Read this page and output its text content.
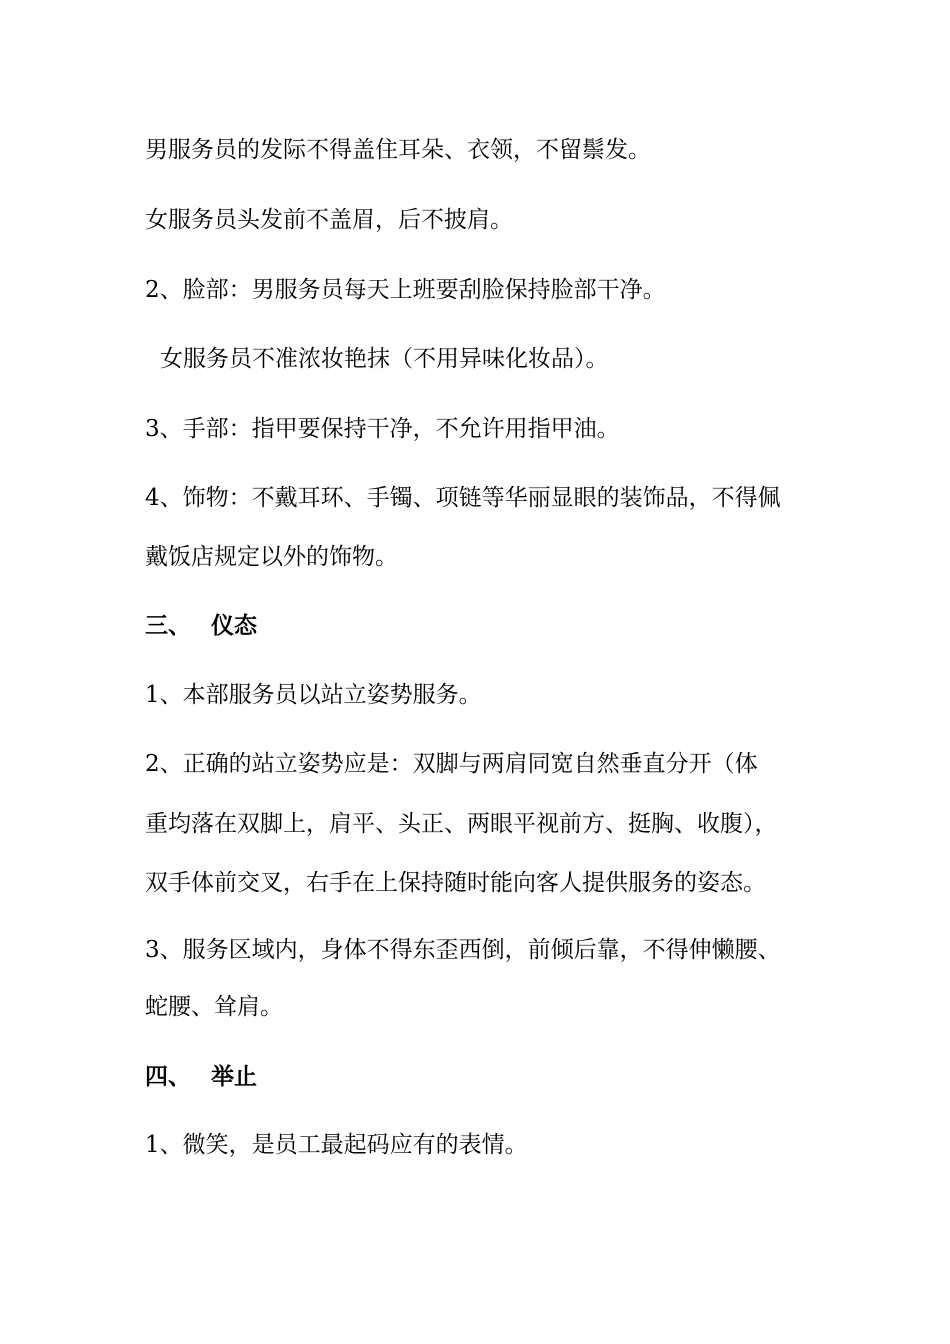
男服务员的发际不得盖住耳朵、衣领，不留鬃发。
女服务员头发前不盖眉，后不披肩。
2、脸部：男服务员每天上班要刮脸保持脸部干净。
女服务员不准浓妆艳抹（不用异味化妆品）。
3、手部：指甲要保持干净，不允许用指甲油。
4、饰物：不戴耳环、手镯、项链等华丽显眼的装饰品，不得佩
戴饭店规定以外的饰物。
三、 仪态
1、本部服务员以站立姿势服务。
2、正确的站立姿势应是：双脚与两肩同宽自然垂直分开（体
重均落在双脚上，肩平、头正、两眼平视前方、挺胸、收腹），
双手体前交叉，右手在上保持随时能向客人提供服务的姿态。
3、服务区域内，身体不得东歪西倒，前倾后靠，不得伸懒腰、
蛇腰、耸肩。
四、 举止
1、微笑，是员工最起码应有的表情。
